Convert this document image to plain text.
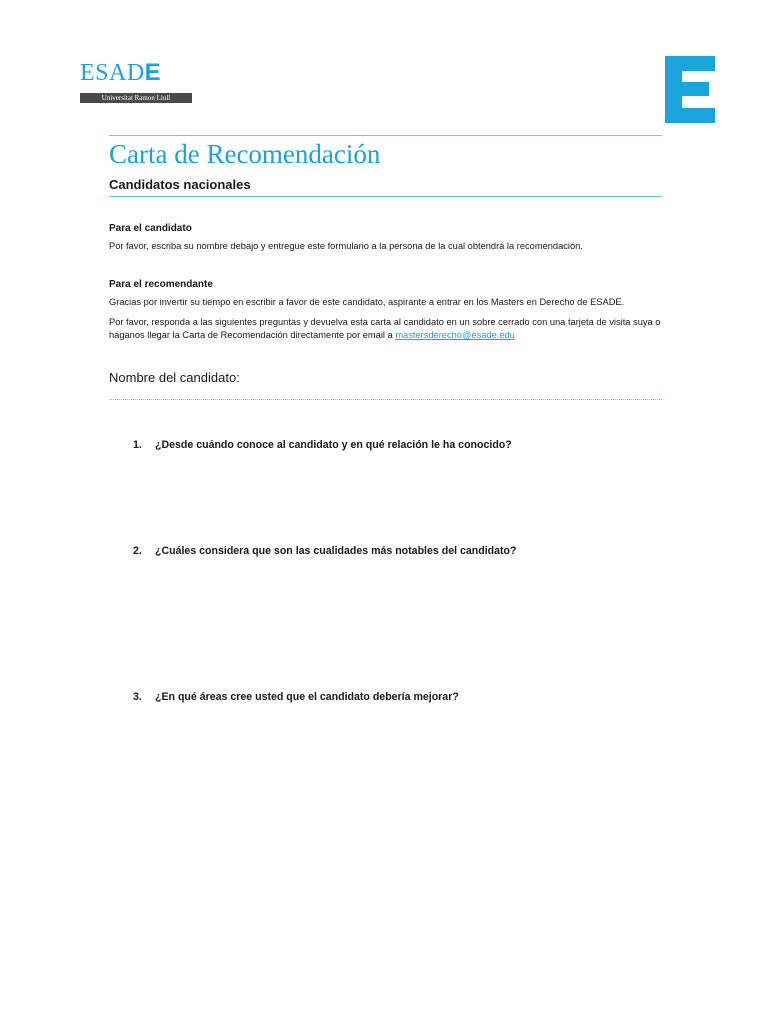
ESADE
Universitat Ramon Llull
Carta de Recomendación
Candidatos nacionales
Para el candidato
Por favor, escriba su nombre debajo y entregue este formulario a la persona de la cual obtendrá la recomendación.
Para el recomendante
Gracias por invertir su tiempo en escribir a favor de este candidato, aspirante a entrar en los Masters en Derecho de ESADE.
Por favor, responda a las siguientes preguntas y devuelva esta carta al candidato en un sobre cerrado con una tarjeta de visita suya o háganos llegar la Carta de Recomendación directamente por email a mastersderecho@esade.edu
Nombre del candidato:
1. ¿Desde cuándo conoce al candidato y en qué relación le ha conocido?
2. ¿Cuáles considera que son las cualidades más notables del candidato?
3. ¿En qué áreas cree usted que el candidato debería mejorar?
